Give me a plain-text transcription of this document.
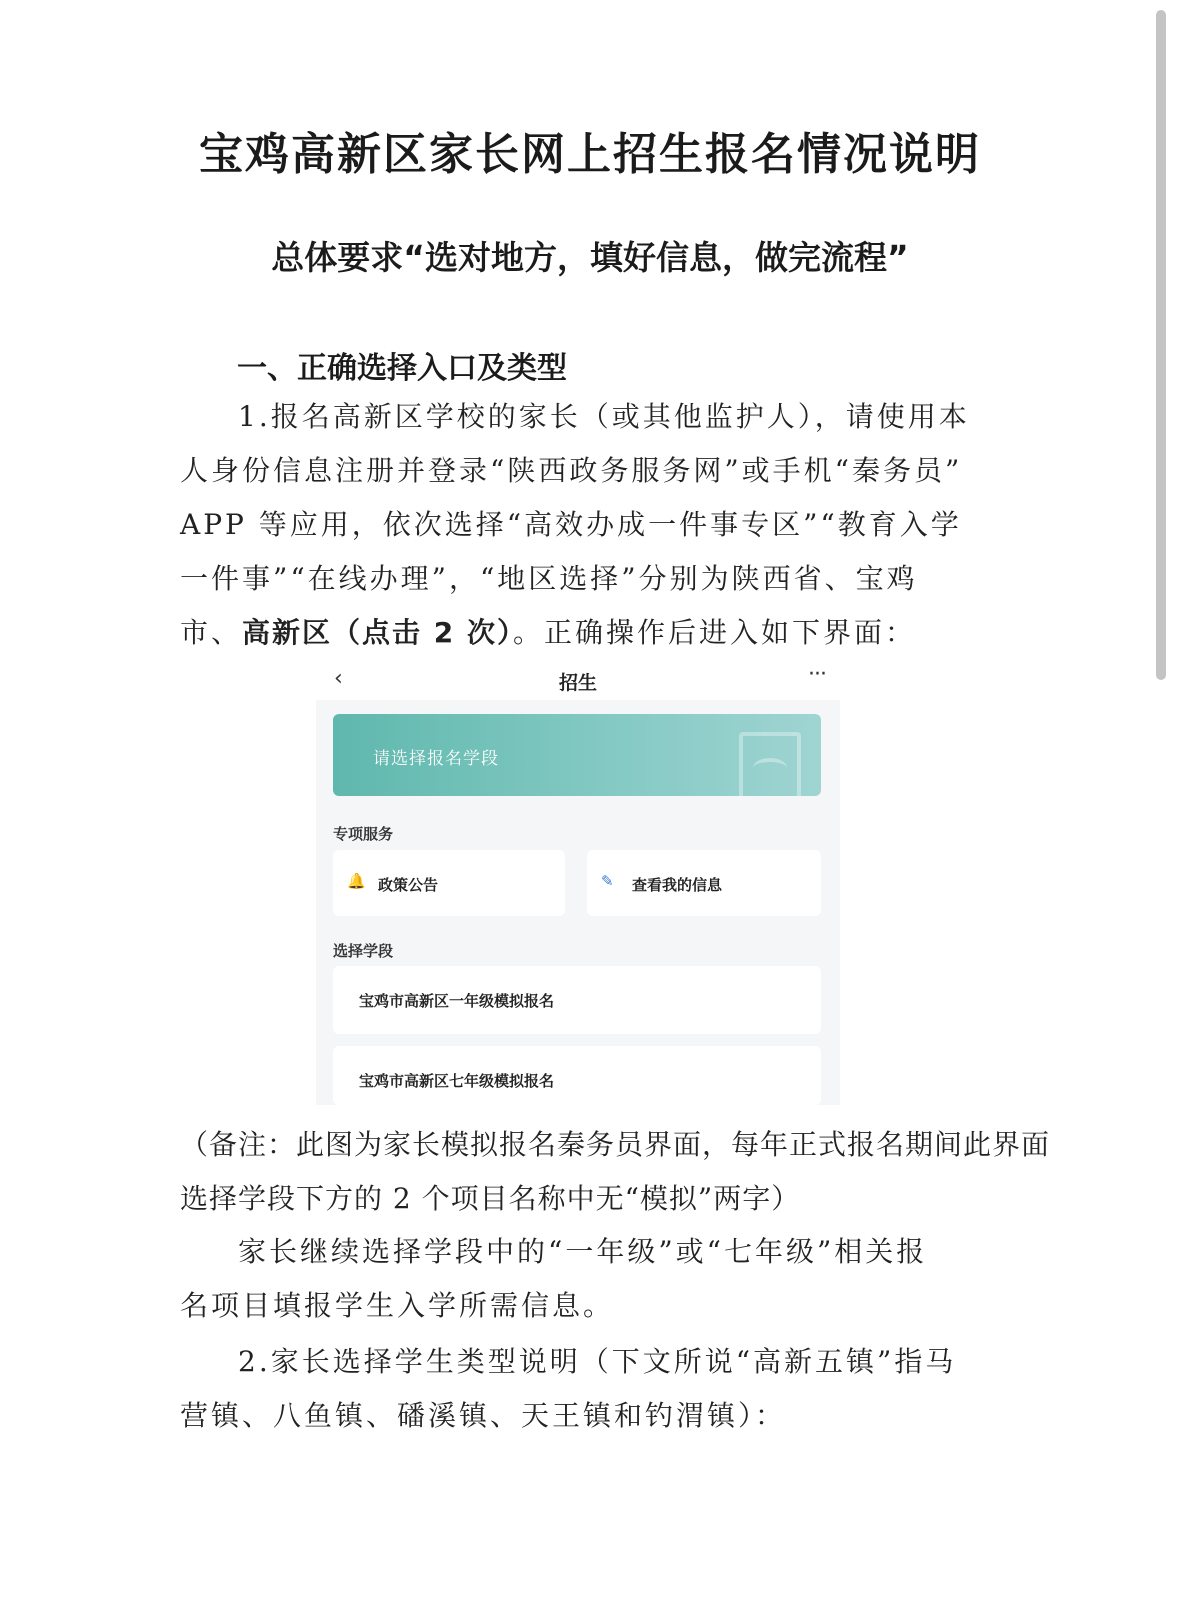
宝鸡高新区家长网上招生报名情况说明
总体要求“选对地方，填好信息，做完流程”
一、正确选择入口及类型
1.报名高新区学校的家长（或其他监护人），请使用本
人身份信息注册并登录“陕西政务服务网”或手机“秦务员”
APP 等应用，依次选择“高效办成一件事专区”“教育入学
一件事”“在线办理”，“地区选择”分别为陕西省、宝鸡
市、高新区（点击 2 次）。正确操作后进入如下界面：
‹	招生	···
请选择报名学段
专项服务
🔔 政策公告	✎ 查看我的信息
选择学段
宝鸡市高新区一年级模拟报名
宝鸡市高新区七年级模拟报名
（备注：此图为家长模拟报名秦务员界面，每年正式报名期间此界面
选择学段下方的 2 个项目名称中无“模拟”两字）
家长继续选择学段中的“一年级”或“七年级”相关报
名项目填报学生入学所需信息。
2.家长选择学生类型说明（下文所说“高新五镇”指马
营镇、八鱼镇、磻溪镇、天王镇和钓渭镇）：
